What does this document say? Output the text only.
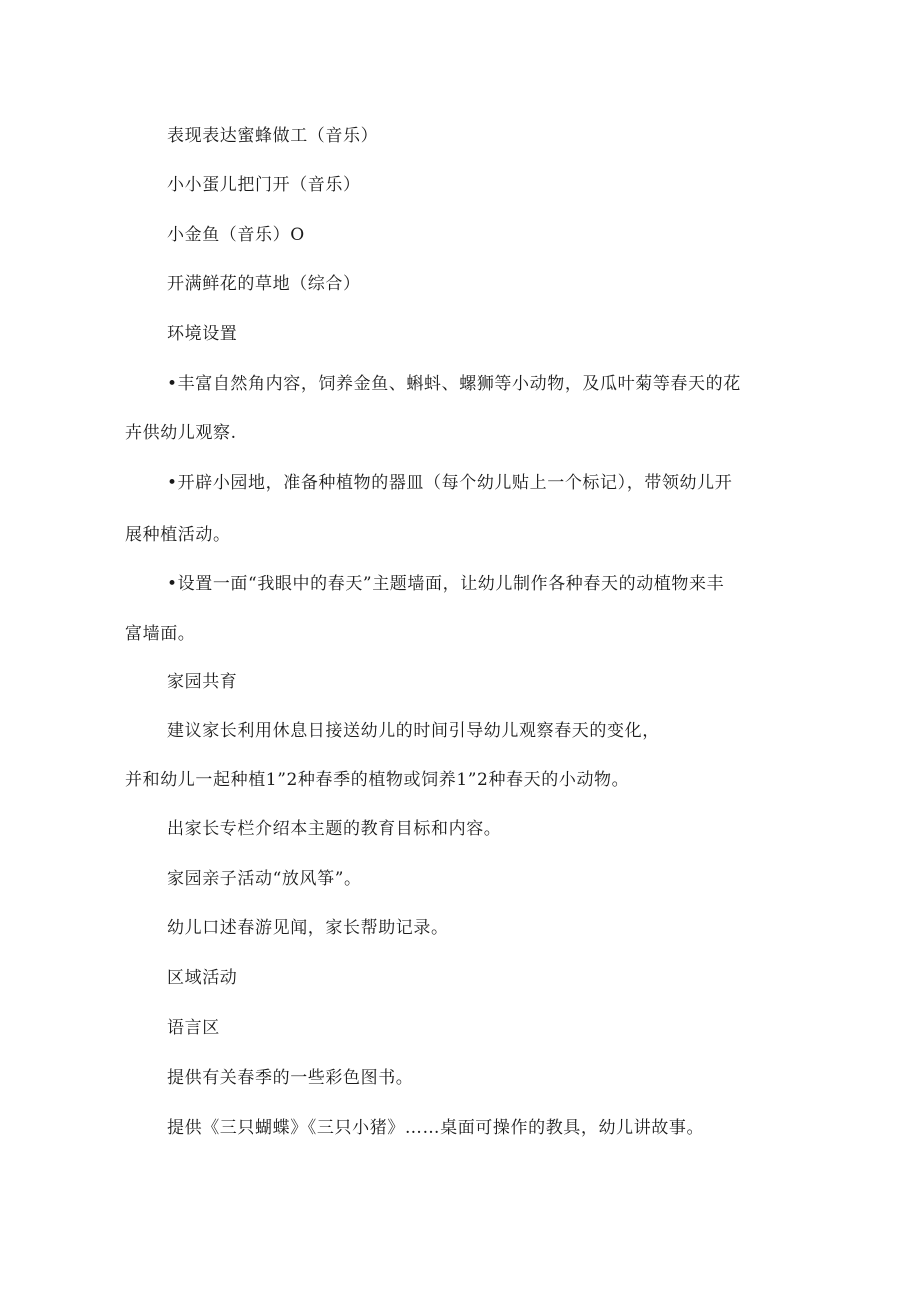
表现表达蜜蜂做工（音乐）
小小蛋儿把门开（音乐）
小金鱼（音乐）O
开满鲜花的草地（综合）
环境设置
•丰富自然角内容，饲养金鱼、蝌蚪、螺狮等小动物，及瓜叶菊等春天的花
卉供幼儿观察.
•开辟小园地，准备种植物的器皿（每个幼儿贴上一个标记），带领幼儿开
展种植活动。
•设置一面“我眼中的春天”主题墙面，让幼儿制作各种春天的动植物来丰
富墙面。
家园共育
建议家长利用休息日接送幼儿的时间引导幼儿观察春天的变化，
并和幼儿一起种植1”2种春季的植物或饲养1”2种春天的小动物。
出家长专栏介绍本主题的教育目标和内容。
家园亲子活动“放风筝”。
幼儿口述春游见闻，家长帮助记录。
区域活动
语言区
提供有关春季的一些彩色图书。
提供《三只蝴蝶》《三只小猪》……桌面可操作的教具，幼儿讲故事。
